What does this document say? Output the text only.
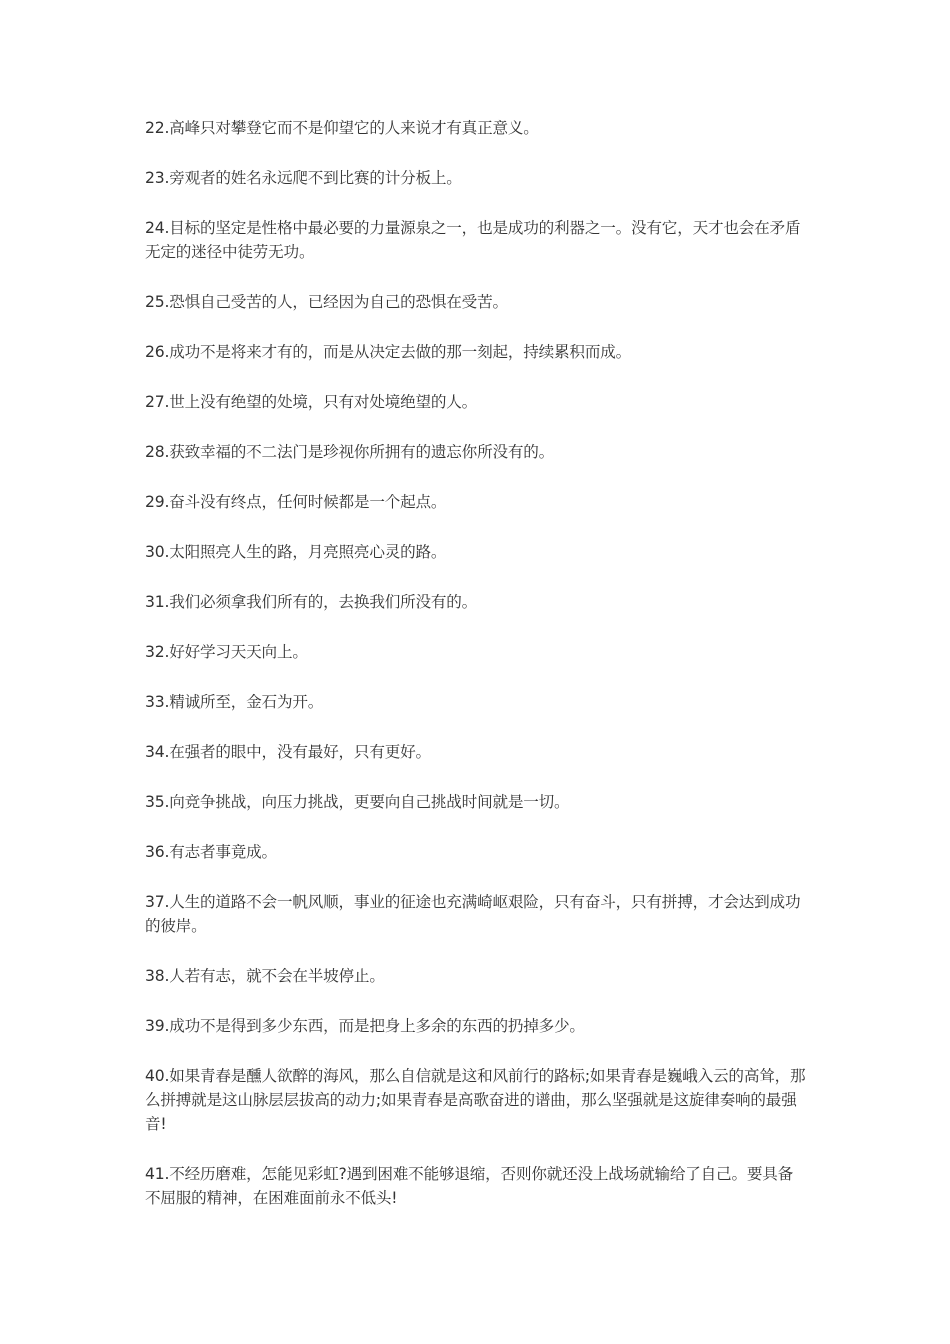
22.高峰只对攀登它而不是仰望它的人来说才有真正意义。

23.旁观者的姓名永远爬不到比赛的计分板上。

24.目标的坚定是性格中最必要的力量源泉之一，也是成功的利器之一。没有它，天才也会在矛盾无定的迷径中徒劳无功。

25.恐惧自己受苦的人，已经因为自己的恐惧在受苦。

26.成功不是将来才有的，而是从决定去做的那一刻起，持续累积而成。

27.世上没有绝望的处境，只有对处境绝望的人。

28.获致幸福的不二法门是珍视你所拥有的遗忘你所没有的。

29.奋斗没有终点，任何时候都是一个起点。

30.太阳照亮人生的路，月亮照亮心灵的路。

31.我们必须拿我们所有的，去换我们所没有的。

32.好好学习天天向上。

33.精诚所至，金石为开。

34.在强者的眼中，没有最好，只有更好。

35.向竞争挑战，向压力挑战，更要向自己挑战时间就是一切。

36.有志者事竟成。

37.人生的道路不会一帆风顺，事业的征途也充满崎岖艰险，只有奋斗，只有拼搏，才会达到成功的彼岸。

38.人若有志，就不会在半坡停止。

39.成功不是得到多少东西，而是把身上多余的东西的扔掉多少。

40.如果青春是醺人欲醉的海风，那么自信就是这和风前行的路标;如果青春是巍峨入云的高耸，那么拼搏就是这山脉层层拔高的动力;如果青春是高歌奋进的谱曲，那么坚强就是这旋律奏响的最强音!

41.不经历磨难，怎能见彩虹?遇到困难不能够退缩，否则你就还没上战场就输给了自己。要具备不屈服的精神，在困难面前永不低头!
